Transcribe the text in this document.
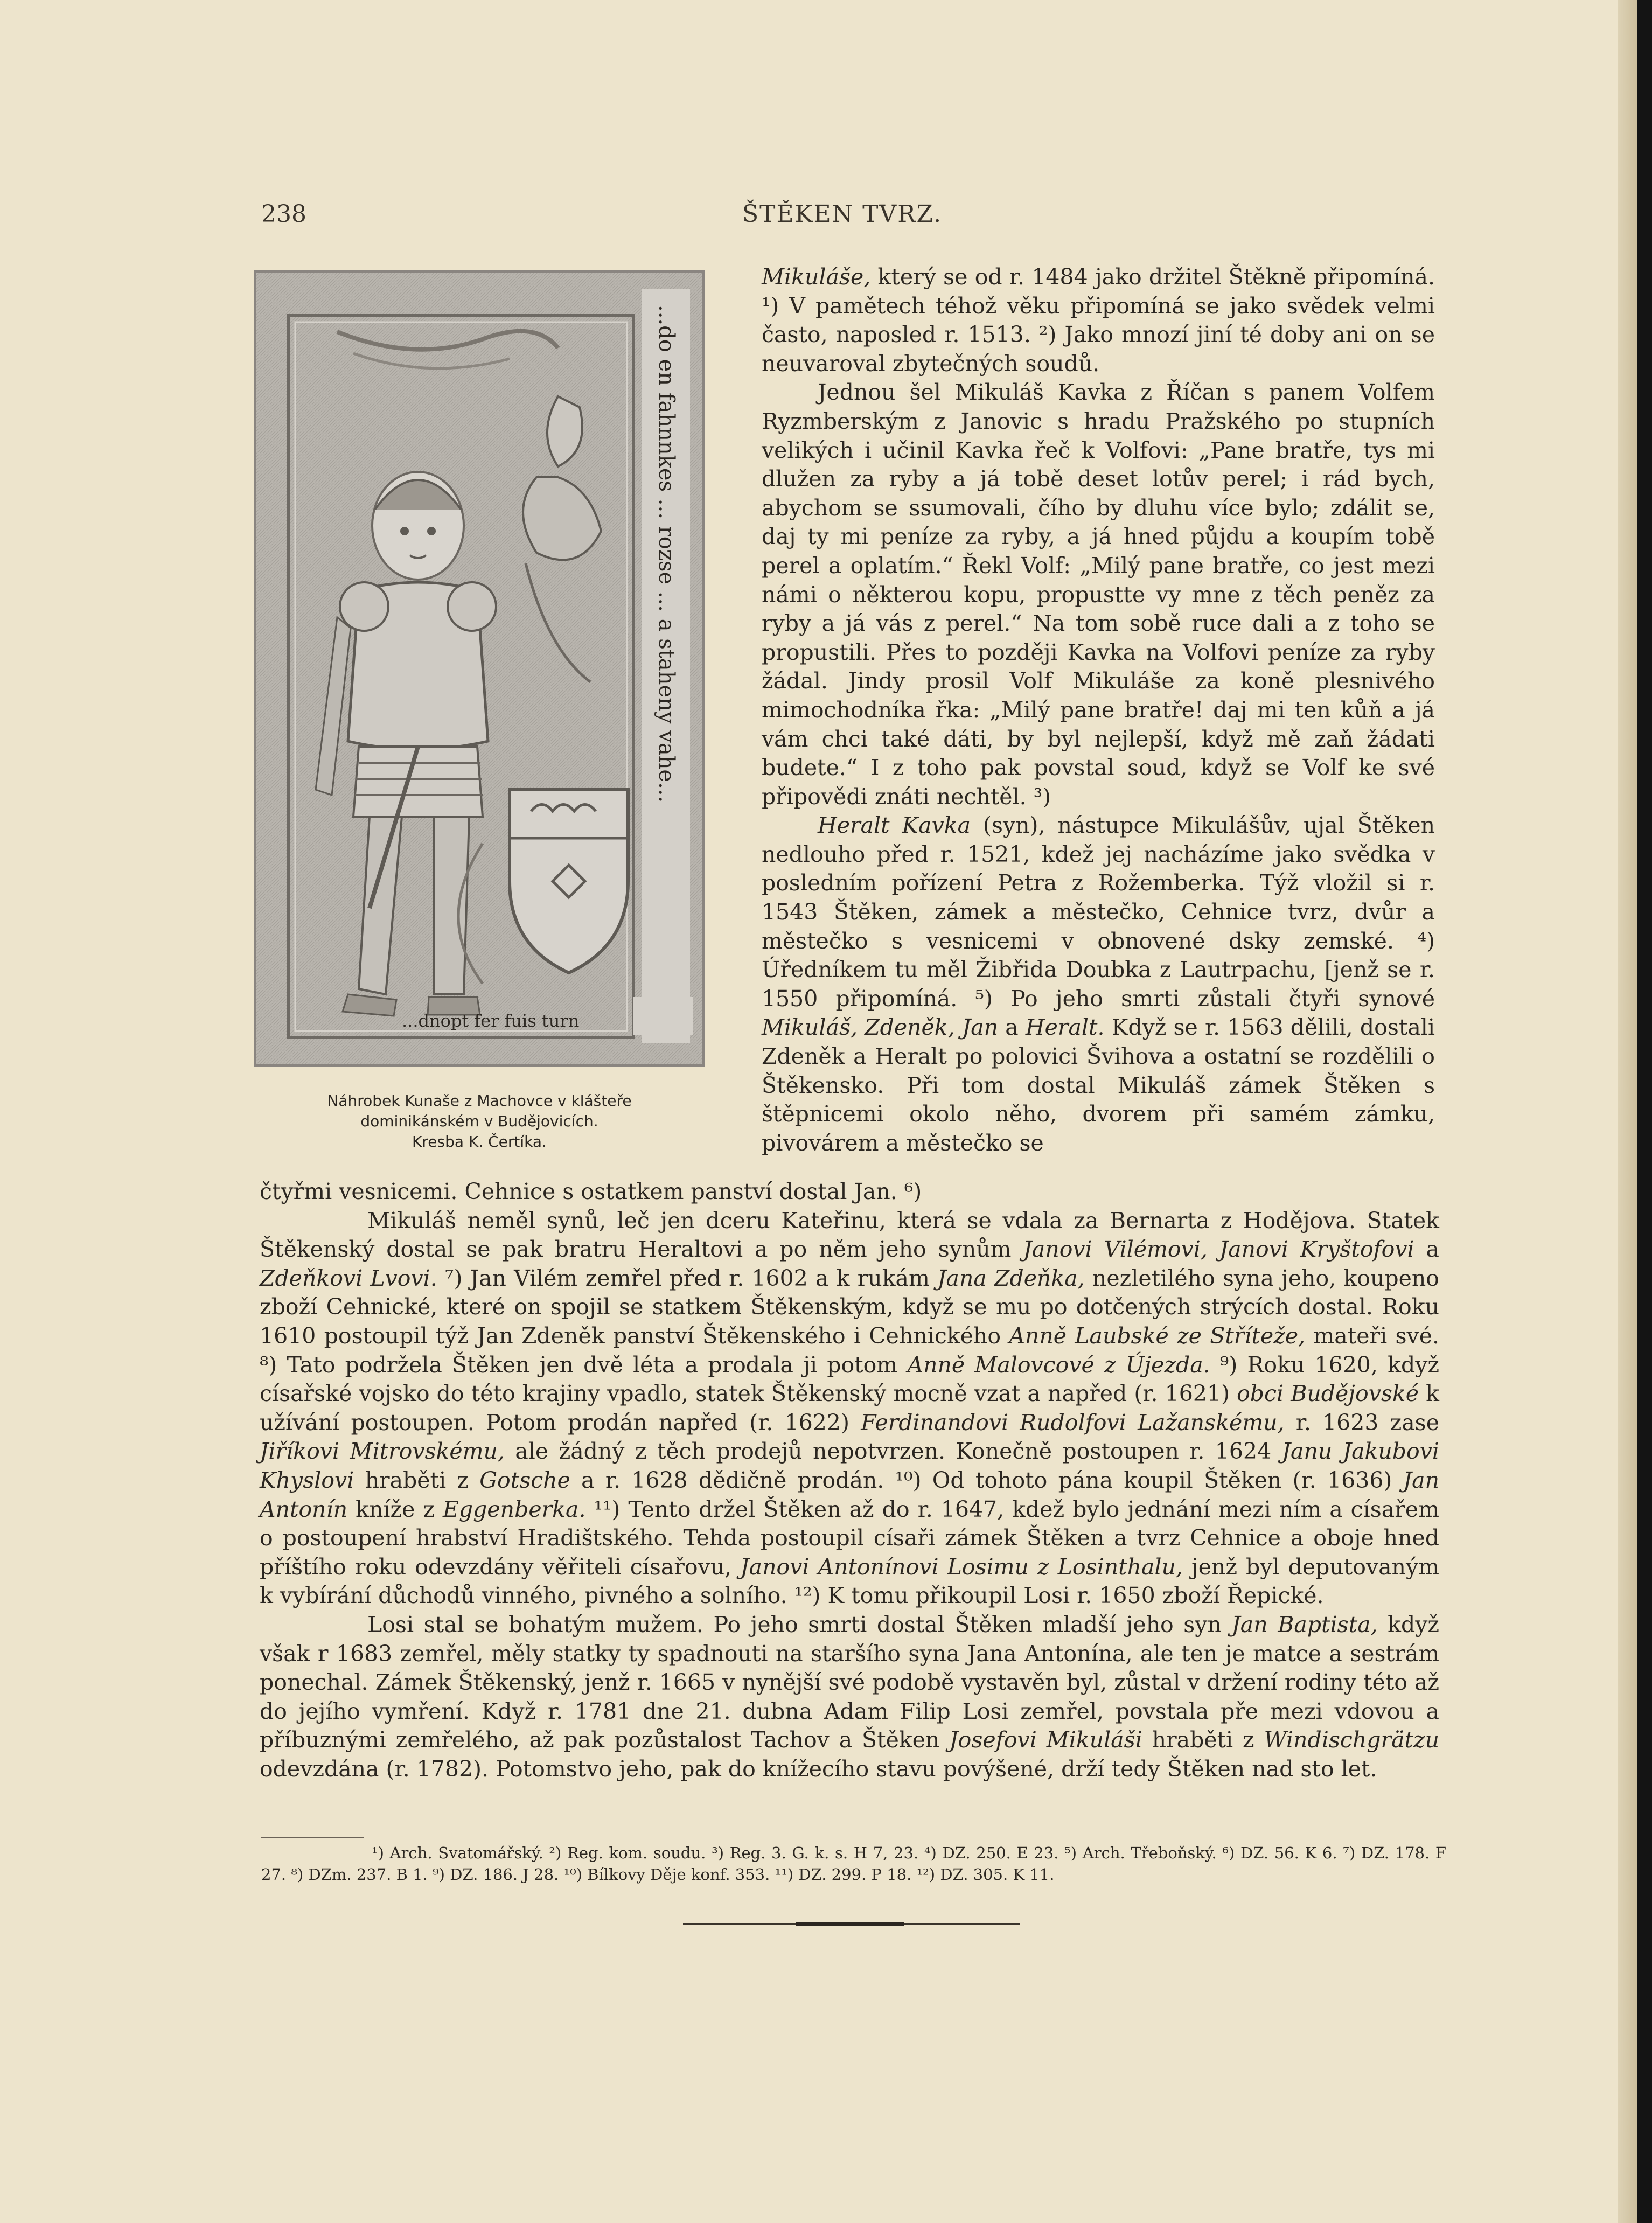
238	ŠTĚKEN TVRZ.
...do en fahnnkes ... rozse ... a staheny vahe...
...dnopt fer fuis turn
Náhrobek Kunaše z Machovce v klášteře
dominikánském v Budějovicích.
Kresba K. Čertíka.

Mikuláše, který se od r. 1484 jako držitel Štěkně připomíná. ¹) V pamětech téhož věku připomíná se jako svědek velmi často, naposled r. 1513. ²) Jako mnozí jiní té doby ani on se neuvaroval zbytečných soudů.

Jednou šel Mikuláš Kavka z Říčan s panem Volfem Ryzmberským z Janovic s hradu Pražského po stupních velikých i učinil Kavka řeč k Volfovi: „Pane bratře, tys mi dlužen za ryby a já tobě deset lotův perel; i rád bych, abychom se ssumovali, čího by dluhu více bylo; zdálit se, daj ty mi peníze za ryby, a já hned půjdu a koupím tobě perel a oplatím.“ Řekl Volf: „Milý pane bratře, co jest mezi námi o některou kopu, propustte vy mne z těch peněz za ryby a já vás z perel.“ Na tom sobě ruce dali a z toho se propustili. Přes to později Kavka na Volfovi peníze za ryby žádal. Jindy prosil Volf Mikuláše za koně plesnivého mimochodníka řka: „Milý pane bratře! daj mi ten kůň a já vám chci také dáti, by byl nejlepší, když mě zaň žádati budete.“ I z toho pak povstal soud, když se Volf ke své připovědi znáti nechtěl. ³)

Heralt Kavka (syn), nástupce Mikulášův, ujal Štěken nedlouho před r. 1521, kdež jej nacházíme jako svědka v posledním pořízení Petra z Rožemberka. Týž vložil si r. 1543 Štěken, zámek a městečko, Cehnice tvrz, dvůr a městečko s vesnicemi v obnovené dsky zemské. ⁴) Úředníkem tu měl Žibřida Doubka z Lautrpachu, [jenž se r. 1550 připomíná. ⁵) Po jeho smrti zůstali čtyři synové Mikuláš, Zdeněk, Jan a Heralt. Když se r. 1563 dělili, dostali Zdeněk a Heralt po polovici Švihova a ostatní se rozdělili o Štěkensko. Při tom dostal Mikuláš zámek Štěken s štěpnicemi okolo něho, dvorem při samém zámku, pivovárem a městečko se

čtyřmi vesnicemi. Cehnice s ostatkem panství dostal Jan. ⁶)

Mikuláš neměl synů, leč jen dceru Kateřinu, která se vdala za Bernarta z Hodějova. Statek Štěkenský dostal se pak bratru Heraltovi a po něm jeho synům Janovi Vilémovi, Janovi Kryštofovi a Zdeňkovi Lvovi. ⁷) Jan Vilém zemřel před r. 1602 a k rukám Jana Zdeňka, nezletilého syna jeho, koupeno zboží Cehnické, které on spojil se statkem Štěkenským, když se mu po dotčených strýcích dostal. Roku 1610 postoupil týž Jan Zdeněk panství Štěkenského i Cehnického Anně Laubské ze Stříteže, mateři své. ⁸) Tato podržela Štěken jen dvě léta a prodala ji potom Anně Malovcové z Újezda. ⁹) Roku 1620, když císařské vojsko do této krajiny vpadlo, statek Štěkenský mocně vzat a napřed (r. 1621) obci Budějovské k užívání postoupen. Potom prodán napřed (r. 1622) Ferdinandovi Rudolfovi Lažanskému, r. 1623 zase Jiříkovi Mitrovskému, ale žádný z těch prodejů nepotvrzen. Konečně postoupen r. 1624 Janu Jakubovi Khyslovi hraběti z Gotsche a r. 1628 dědičně prodán. ¹⁰) Od tohoto pána koupil Štěken (r. 1636) Jan Antonín kníže z Eggenberka. ¹¹) Tento držel Štěken až do r. 1647, kdež bylo jednání mezi ním a císařem o postoupení hrabství Hradištského. Tehda postoupil císaři zámek Štěken a tvrz Cehnice a oboje hned příštího roku odevzdány věřiteli císařovu, Janovi Antonínovi Losimu z Losinthalu, jenž byl deputovaným k vybírání důchodů vinného, pivného a solního. ¹²) K tomu přikoupil Losi r. 1650 zboží Řepické.

Losi stal se bohatým mužem. Po jeho smrti dostal Štěken mladší jeho syn Jan Baptista, když však r 1683 zemřel, měly statky ty spadnouti na staršího syna Jana Antonína, ale ten je matce a sestrám ponechal. Zámek Štěkenský, jenž r. 1665 v nynější své podobě vystavěn byl, zůstal v držení rodiny této až do jejího vymření. Když r. 1781 dne 21. dubna Adam Filip Losi zemřel, povstala pře mezi vdovou a příbuznými zemřelého, až pak pozůstalost Tachov a Štěken Josefovi Mikuláši hraběti z Windischgrätzu odevzdána (r. 1782). Potomstvo jeho, pak do knížecího stavu povýšené, drží tedy Štěken nad sto let.

¹) Arch. Svatomářský. ²) Reg. kom. soudu. ³) Reg. 3. G. k. s. H 7, 23. ⁴) DZ. 250. E 23. ⁵) Arch. Třeboňský. ⁶) DZ. 56. K 6. ⁷) DZ. 178. F 27. ⁸) DZm. 237. B 1. ⁹) DZ. 186. J 28. ¹⁰) Bílkovy Děje konf. 353. ¹¹) DZ. 299. P 18. ¹²) DZ. 305. K 11.
